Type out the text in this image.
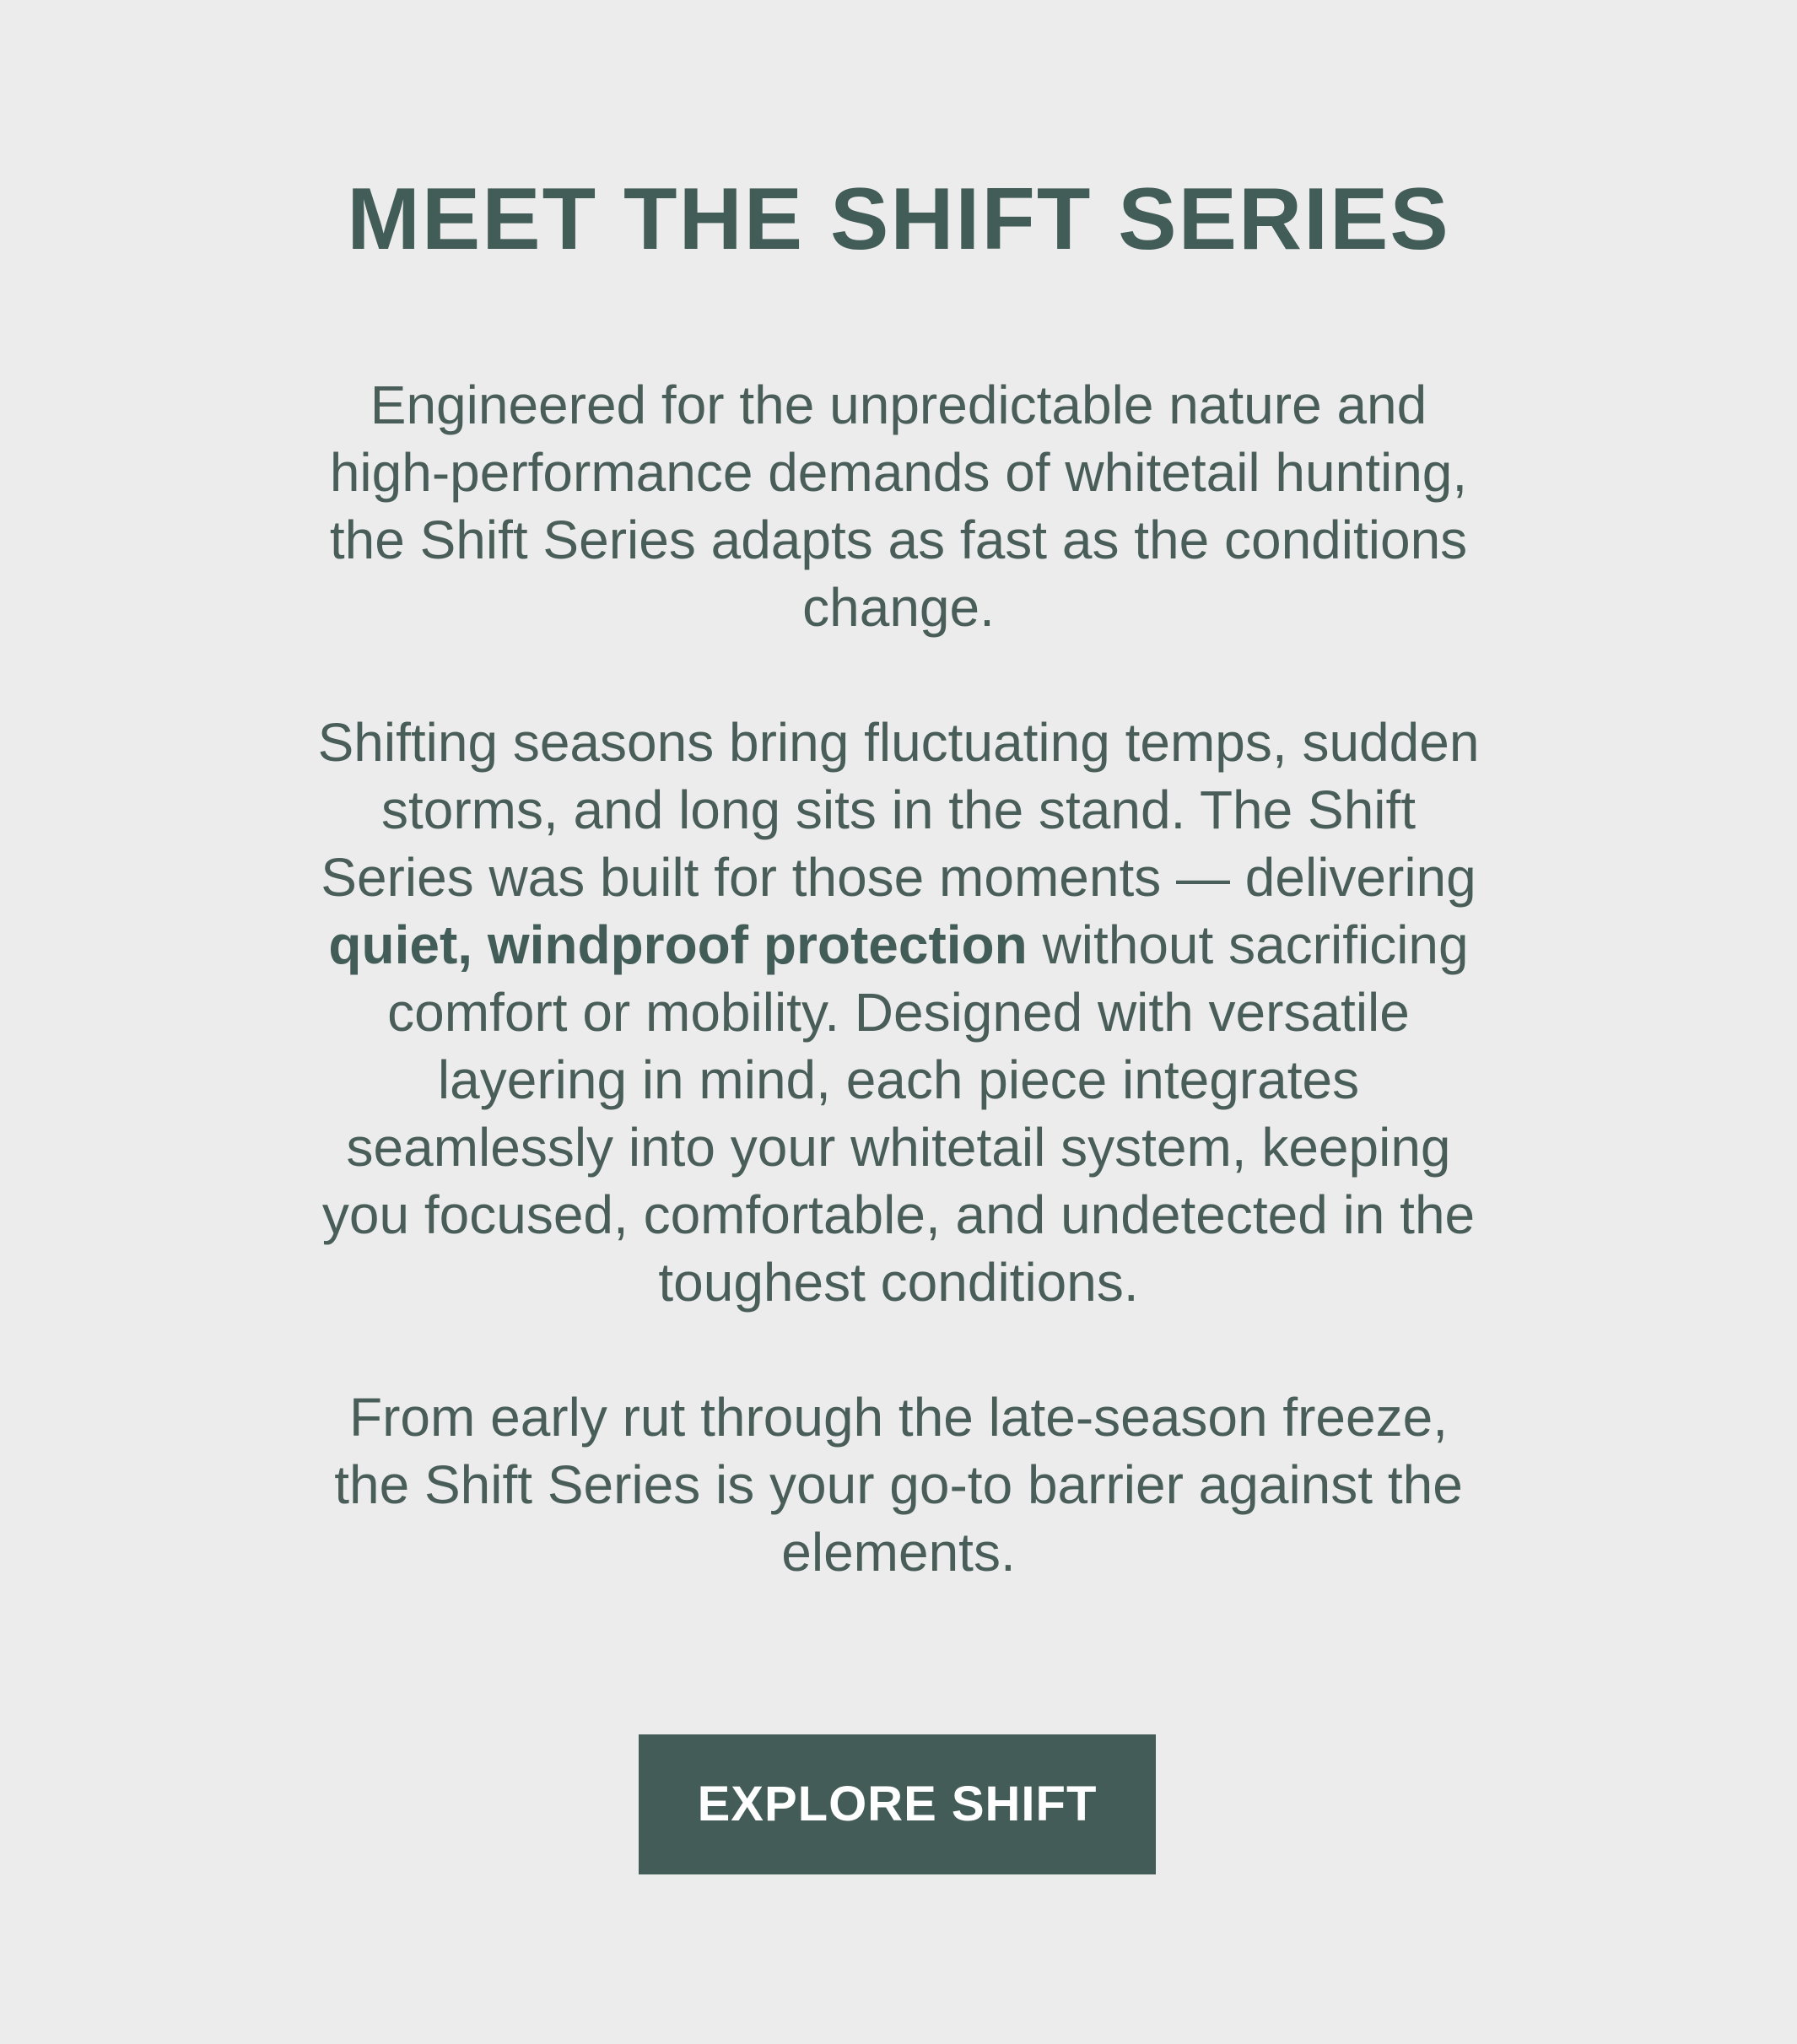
MEET THE SHIFT SERIES

Engineered for the unpredictable nature and high-performance demands of whitetail hunting, the Shift Series adapts as fast as the conditions change.

Shifting seasons bring fluctuating temps, sudden storms, and long sits in the stand. The Shift Series was built for those moments — delivering quiet, windproof protection without sacrificing comfort or mobility. Designed with versatile layering in mind, each piece integrates seamlessly into your whitetail system, keeping you focused, comfortable, and undetected in the toughest conditions.

From early rut through the late-season freeze, the Shift Series is your go-to barrier against the elements.

EXPLORE SHIFT
